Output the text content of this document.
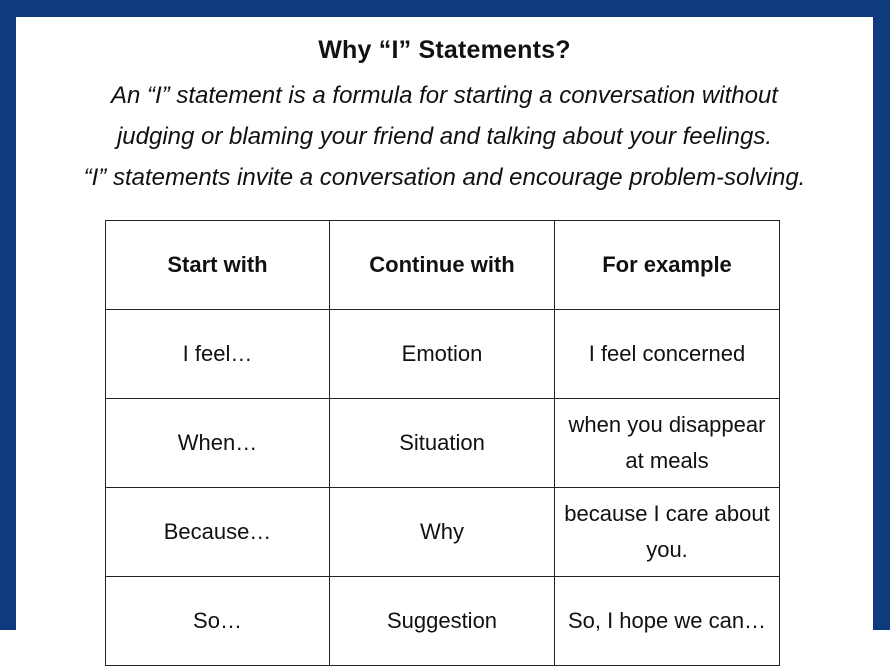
Why “I” Statements?
An “I” statement is a formula for starting a conversation without
judging or blaming your friend and talking about your feelings.
“I” statements invite a conversation and encourage problem-solving.
Start with	Continue with	For example
I feel…	Emotion	I feel concerned
When…	Situation	when you disappear at meals
Because…	Why	because I care about you.
So…	Suggestion	So, I hope we can…
